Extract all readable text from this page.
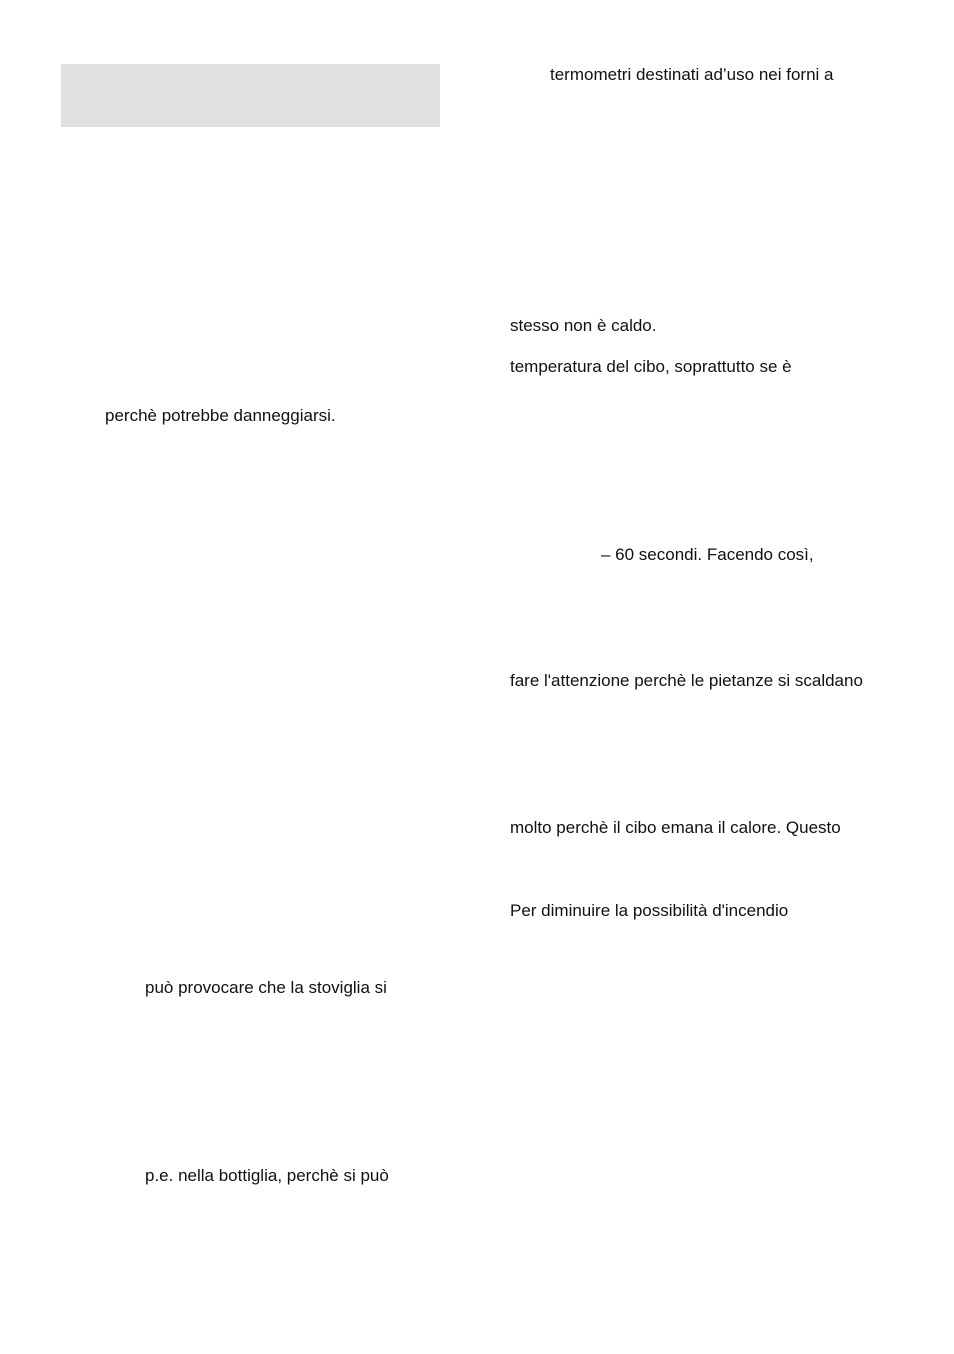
perchè potrebbe danneggiarsi.

può provocare che la stoviglia si

p.e. nella bottiglia, perchè si può

termometri destinati ad’uso nei forni a

stesso non è caldo.

temperatura del cibo, soprattutto se è

– 60 secondi. Facendo così,

fare l'attenzione perchè le pietanze si scaldano

molto perchè il cibo emana il calore. Questo

Per diminuire la possibilità d'incendio
